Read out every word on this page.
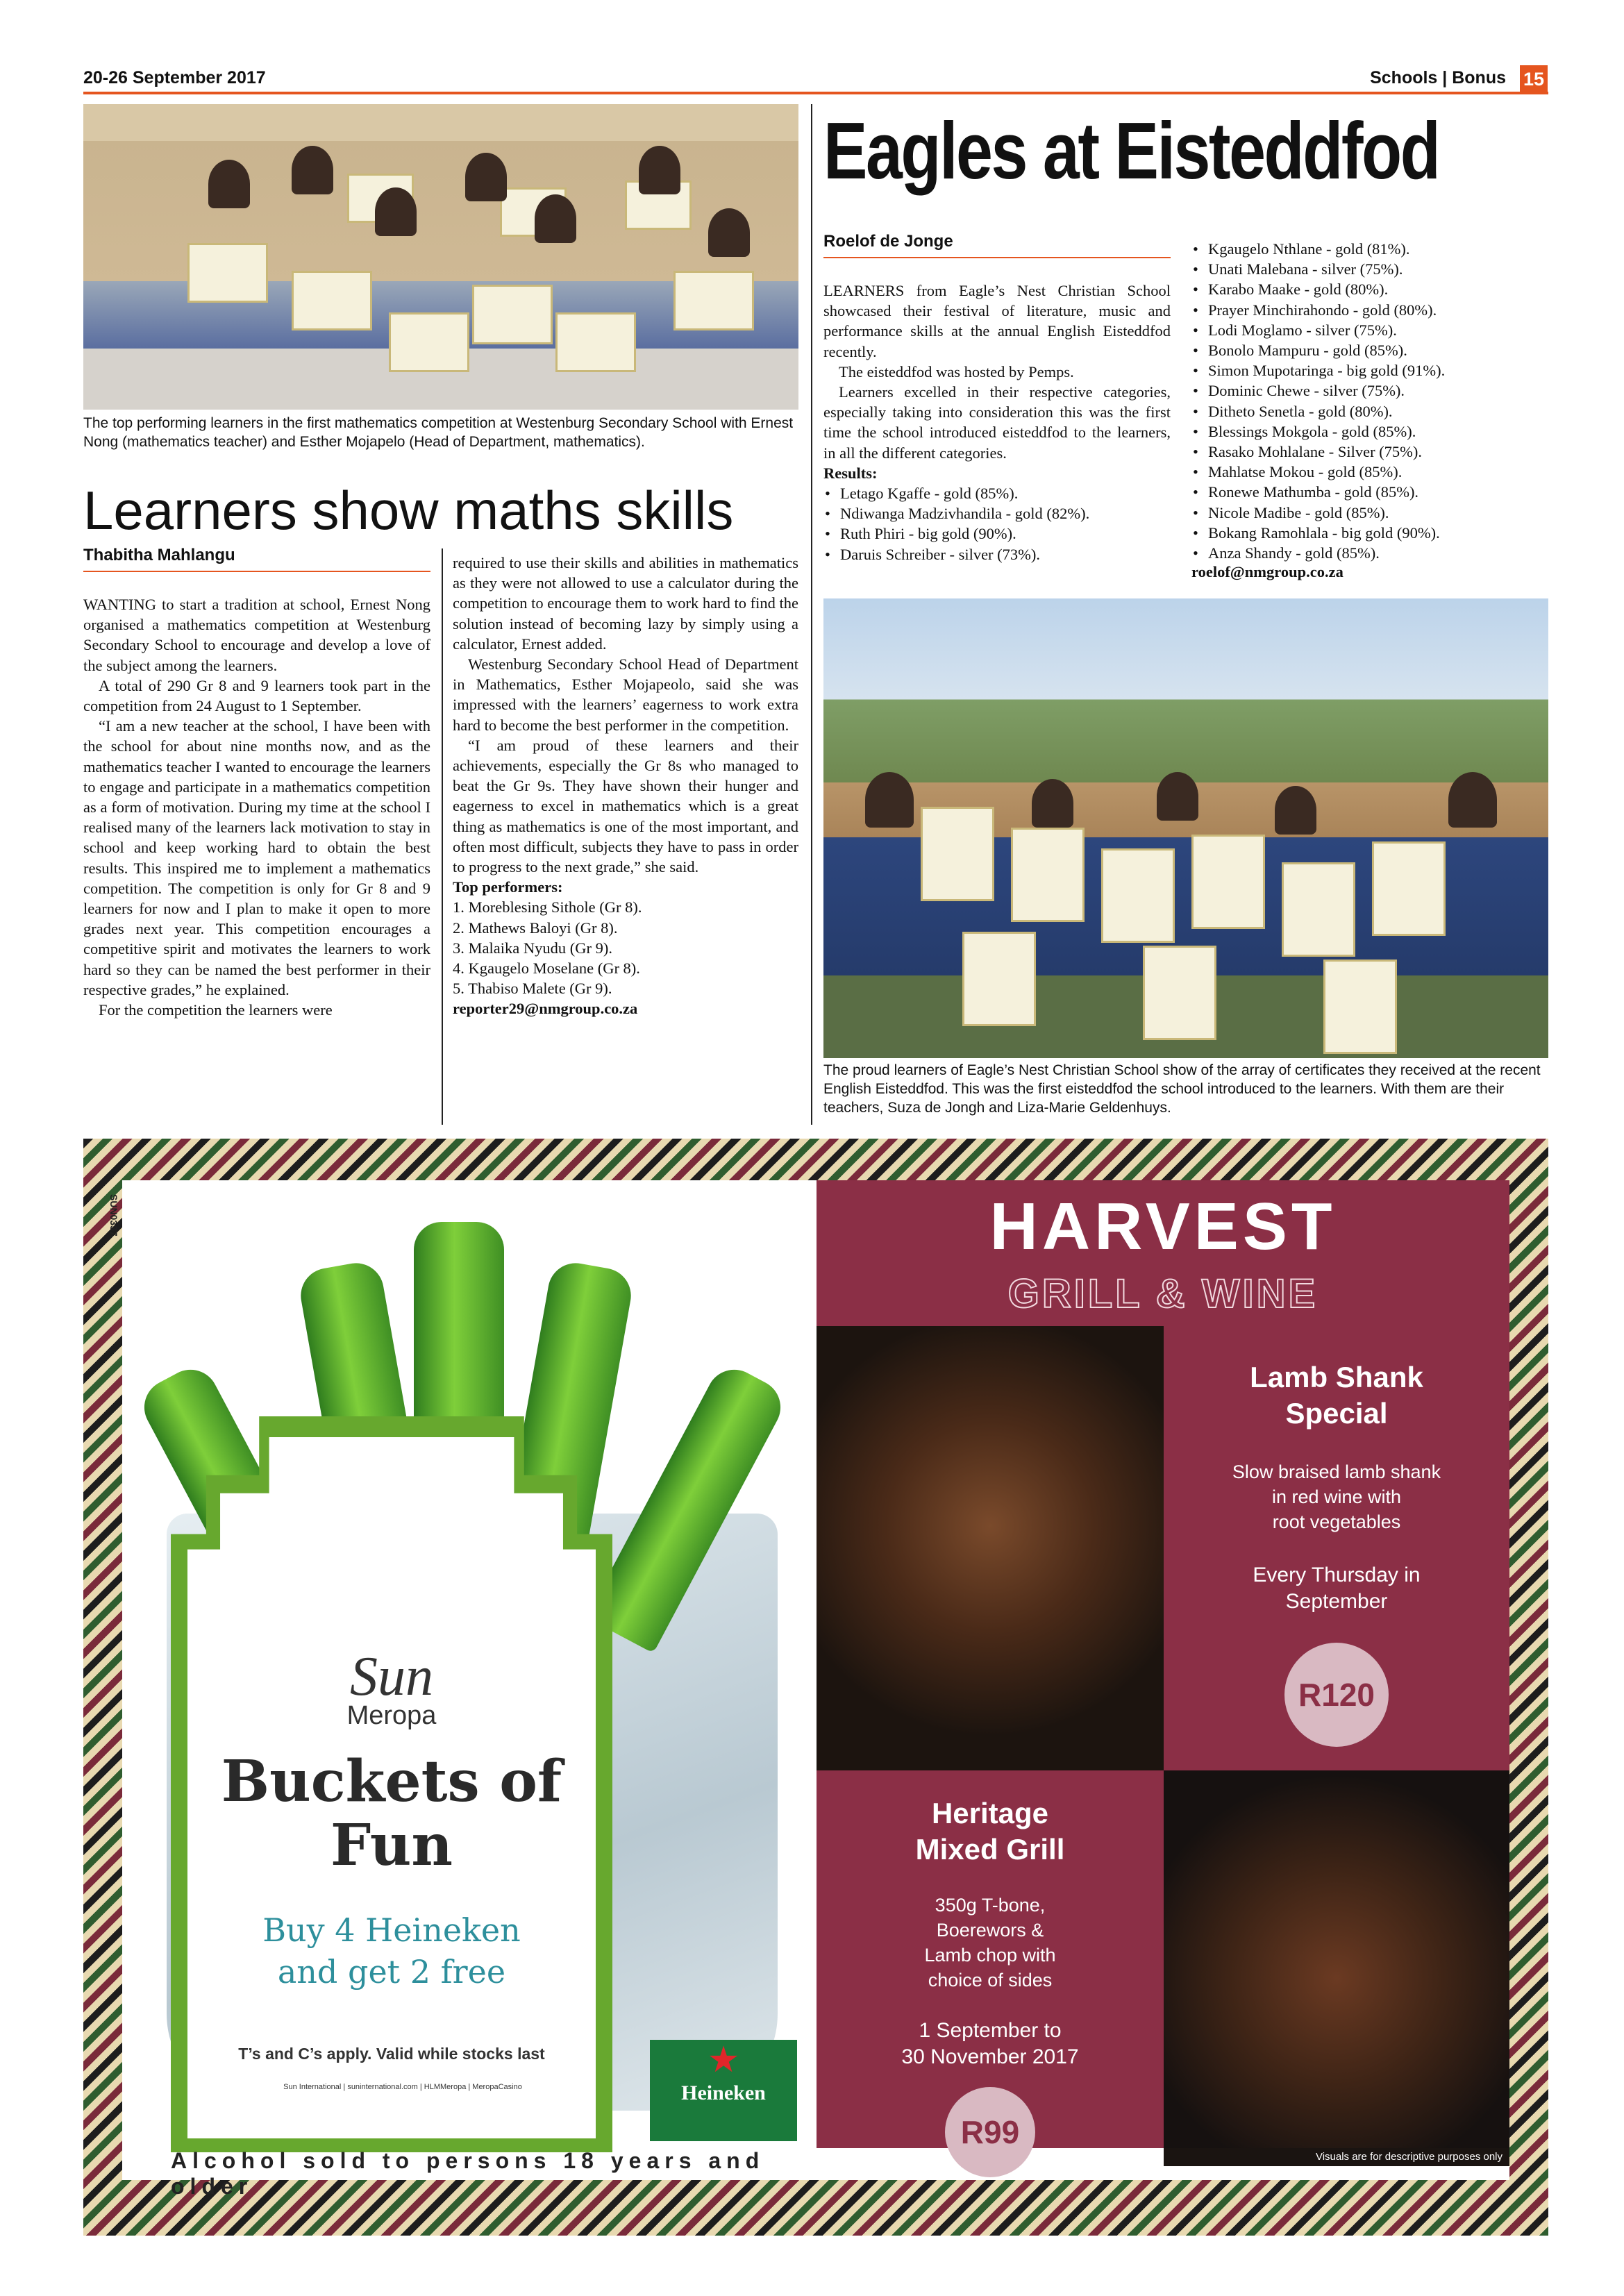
20-26 September 2017	Schools | Bonus 15
The top performing learners in the first mathematics competition at Westenburg Secondary School with Ernest Nong (mathematics teacher) and Esther Mojapelo (Head of Department, mathematics).
Learners show maths skills
Thabitha Mahlangu

WANTING to start a tradition at school, Ernest Nong organised a mathematics competition at Westenburg Secondary School to encourage and develop a love of the subject among the learners.

A total of 290 Gr 8 and 9 learners took part in the competition from 24 August to 1 September.

“I am a new teacher at the school, I have been with the school for about nine months now, and as the mathematics teacher I wanted to encourage the learners to engage and participate in a mathematics competition as a form of motivation. During my time at the school I realised many of the learners lack motivation to stay in school and keep working hard to obtain the best results. This inspired me to implement a mathematics competition. The competition is only for Gr 8 and 9 learners for now and I plan to make it open to more grades next year. This competition encourages a competitive spirit and motivates the learners to work hard so they can be named the best performer in their respective grades,” he explained.

For the competition the learners were

required to use their skills and abilities in mathematics as they were not allowed to use a calculator during the competition to encourage them to work hard to find the solution instead of becoming lazy by simply using a calculator, Ernest added.

Westenburg Secondary School Head of Department in Mathematics, Esther Mojapeolo, said she was impressed with the learners’ eagerness to work extra hard to become the best performer in the competition.

“I am proud of these learners and their achievements, especially the Gr 8s who managed to beat the Gr 9s. They have shown their hunger and eagerness to excel in mathematics which is a great thing as mathematics is one of the most important, and often most difficult, subjects they have to pass in order to progress to the next grade,” she said.

Top performers:

1. Moreblesing Sithole (Gr 8).
2. Mathews Baloyi (Gr 8).
3. Malaika Nyudu (Gr 9).
4. Kgaugelo Moselane (Gr 8).
5. Thabiso Malete (Gr 9).
reporter29@nmgroup.co.za
Eagles at Eisteddfod
Roelof de Jonge

LEARNERS from Eagle’s Nest Christian School showcased their festival of literature, music and performance skills at the annual English Eisteddfod recently.

The eisteddfod was hosted by Pemps.

Learners excelled in their respective categories, especially taking into consideration this was the first time the school introduced eisteddfod to the learners, in all the different categories.

Results:

• Letago Kgaffe - gold (85%).
• Ndiwanga Madzivhandila - gold (82%).
• Ruth Phiri - big gold (90%).
• Daruis Schreiber - silver (73%).
• Kgaugelo Nthlane - gold (81%).
• Unati Malebana - silver (75%).
• Karabo Maake - gold (80%).
• Prayer Minchirahondo - gold (80%).
• Lodi Moglamo - silver (75%).
• Bonolo Mampuru - gold (85%).
• Simon Mupotaringa - big gold (91%).
• Dominic Chewe - silver (75%).
• Ditheto Senetla - gold (80%).
• Blessings Mokgola - gold (85%).
• Rasako Mohlalane - Silver (75%).
• Mahlatse Mokou - gold (85%).
• Ronewe Mathumba - gold (85%).
• Nicole Madibe - gold (85%).
• Bokang Ramohlala - big gold (90%).
• Anza Shandy - gold (85%).
roelof@nmgroup.co.za
The proud learners of Eagle’s Nest Christian School show of the array of certificates they received at the recent English Eisteddfod. This was the first eisteddfod the school introduced to the learners. With them are their teachers, Suza de Jongh and Liza-Marie Geldenhuys.
SUN0337
Sun
Meropa
Buckets of
Fun
Buy 4 Heineken
and get 2 free
T’s and C’s apply. Valid while stocks last
Sun International | suninternational.com | HLMMeropa | MeropaCasino
★
Heineken
Alcohol sold to persons 18 years and older
HARVEST
GRILL & WINE
Lamb Shank
Special
Slow braised lamb shank
in red wine with
root vegetables
Every Thursday in
September
R120
Heritage
Mixed Grill
350g T-bone,
Boerewors &
Lamb chop with
choice of sides
1 September to
30 November 2017
R99
Visuals are for descriptive purposes only
